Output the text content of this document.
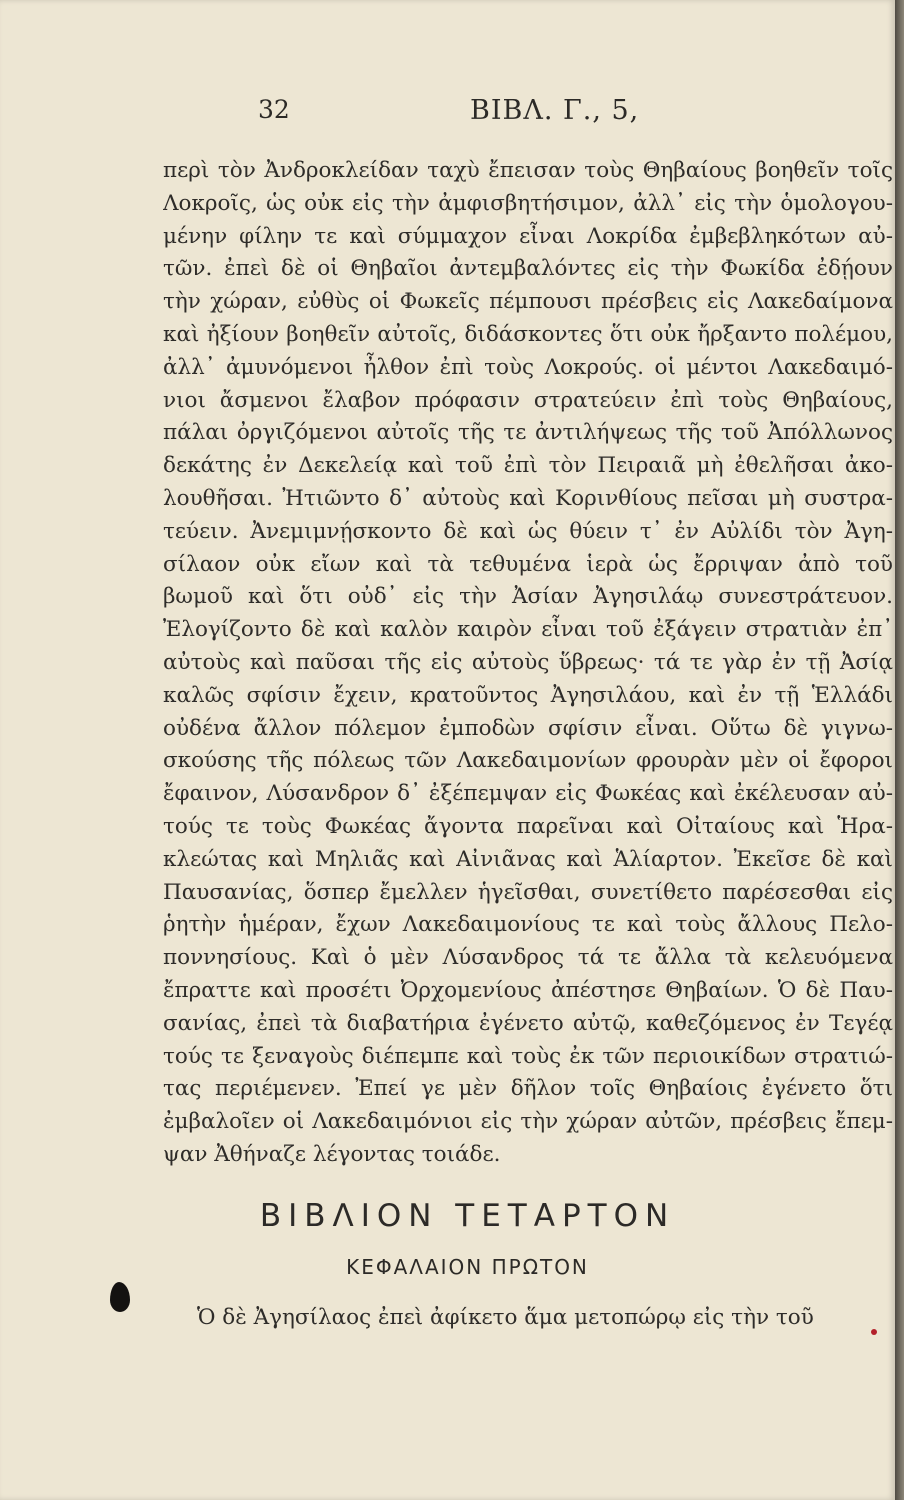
32	ΒΙΒΛ. Γ., 5,
περὶ τὸν Ἀνδροκλείδαν ταχὺ ἔπεισαν τοὺς Θηβαίους βοηθεῖν τοῖς
Λοκροῖς, ὡς οὐκ εἰς τὴν ἀμφισβητήσιμον, ἀλλ᾿ εἰς τὴν ὁμολογου-
μένην φίλην τε καὶ σύμμαχον εἶναι Λοκρίδα ἐμβεβληκότων αὐ-
τῶν. ἐπεὶ δὲ οἱ Θηβαῖοι ἀντεμβαλόντες εἰς τὴν Φωκίδα ἐδῄουν
τὴν χώραν, εὐθὺς οἱ Φωκεῖς πέμπουσι πρέσβεις εἰς Λακεδαίμονα
καὶ ἠξίουν βοηθεῖν αὐτοῖς, διδάσκοντες ὅτι οὐκ ἤρξαντο πολέμου,
ἀλλ᾿ ἀμυνόμενοι ἦλθον ἐπὶ τοὺς Λοκρούς. οἱ μέντοι Λακεδαιμό-
νιοι ἄσμενοι ἔλαβον πρόφασιν στρατεύειν ἐπὶ τοὺς Θηβαίους,
πάλαι ὀργιζόμενοι αὐτοῖς τῆς τε ἀντιλήψεως τῆς τοῦ Ἀπόλλωνος
δεκάτης ἐν Δεκελείᾳ καὶ τοῦ ἐπὶ τὸν Πειραιᾶ μὴ ἐθελῆσαι ἀκο-
λουθῆσαι. Ἠτιῶντο δ᾿ αὐτοὺς καὶ Κορινθίους πεῖσαι μὴ συστρα-
τεύειν. Ἀνεμιμνῄσκοντο δὲ καὶ ὡς θύειν τ᾿ ἐν Αὐλίδι τὸν Ἀγη-
σίλαον οὐκ εἴων καὶ τὰ τεθυμένα ἱερὰ ὡς ἔρριψαν ἀπὸ τοῦ
βωμοῦ καὶ ὅτι οὐδ᾿ εἰς τὴν Ἀσίαν Ἀγησιλάῳ συνεστράτευον.
Ἐλογίζοντο δὲ καὶ καλὸν καιρὸν εἶναι τοῦ ἐξάγειν στρατιὰν ἐπ᾿
αὐτοὺς καὶ παῦσαι τῆς εἰς αὐτοὺς ὕβρεως· τά τε γὰρ ἐν τῇ Ἀσίᾳ
καλῶς σφίσιν ἔχειν, κρατοῦντος Ἀγησιλάου, καὶ ἐν τῇ Ἑλλάδι
οὐδένα ἄλλον πόλεμον ἐμποδὼν σφίσιν εἶναι. Οὕτω δὲ γιγνω-
σκούσης τῆς πόλεως τῶν Λακεδαιμονίων φρουρὰν μὲν οἱ ἔφοροι
ἔφαινον, Λύσανδρον δ᾿ ἐξέπεμψαν εἰς Φωκέας καὶ ἐκέλευσαν αὐ-
τούς τε τοὺς Φωκέας ἄγοντα παρεῖναι καὶ Οἰταίους καὶ Ἡρα-
κλεώτας καὶ Μηλιᾶς καὶ Αἰνιᾶνας καὶ Ἁλίαρτον. Ἐκεῖσε δὲ καὶ
Παυσανίας, ὅσπερ ἔμελλεν ἡγεῖσθαι, συνετίθετο παρέσεσθαι εἰς
ῥητὴν ἡμέραν, ἔχων Λακεδαιμονίους τε καὶ τοὺς ἄλλους Πελο-
ποννησίους. Καὶ ὁ μὲν Λύσανδρος τά τε ἄλλα τὰ κελευόμενα
ἔπραττε καὶ προσέτι Ὀρχομενίους ἀπέστησε Θηβαίων. Ὁ δὲ Παυ-
σανίας, ἐπεὶ τὰ διαβατήρια ἐγένετο αὐτῷ, καθεζόμενος ἐν Τεγέᾳ
τούς τε ξεναγοὺς διέπεμπε καὶ τοὺς ἐκ τῶν περιοικίδων στρατιώ-
τας περιέμενεν. Ἐπεί γε μὲν δῆλον τοῖς Θηβαίοις ἐγένετο ὅτι
ἐμβαλοῖεν οἱ Λακεδαιμόνιοι εἰς τὴν χώραν αὐτῶν, πρέσβεις ἔπεμ-
ψαν Ἀθήναζε λέγοντας τοιάδε.
ΒΙΒΛΙΟΝ ΤΕΤΑΡΤΟΝ
ΚΕΦΑΛΑΙΟΝ ΠΡΩΤΟΝ
Ὁ δὲ Ἀγησίλαος ἐπεὶ ἀφίκετο ἅμα μετοπώρῳ εἰς τὴν τοῦ
